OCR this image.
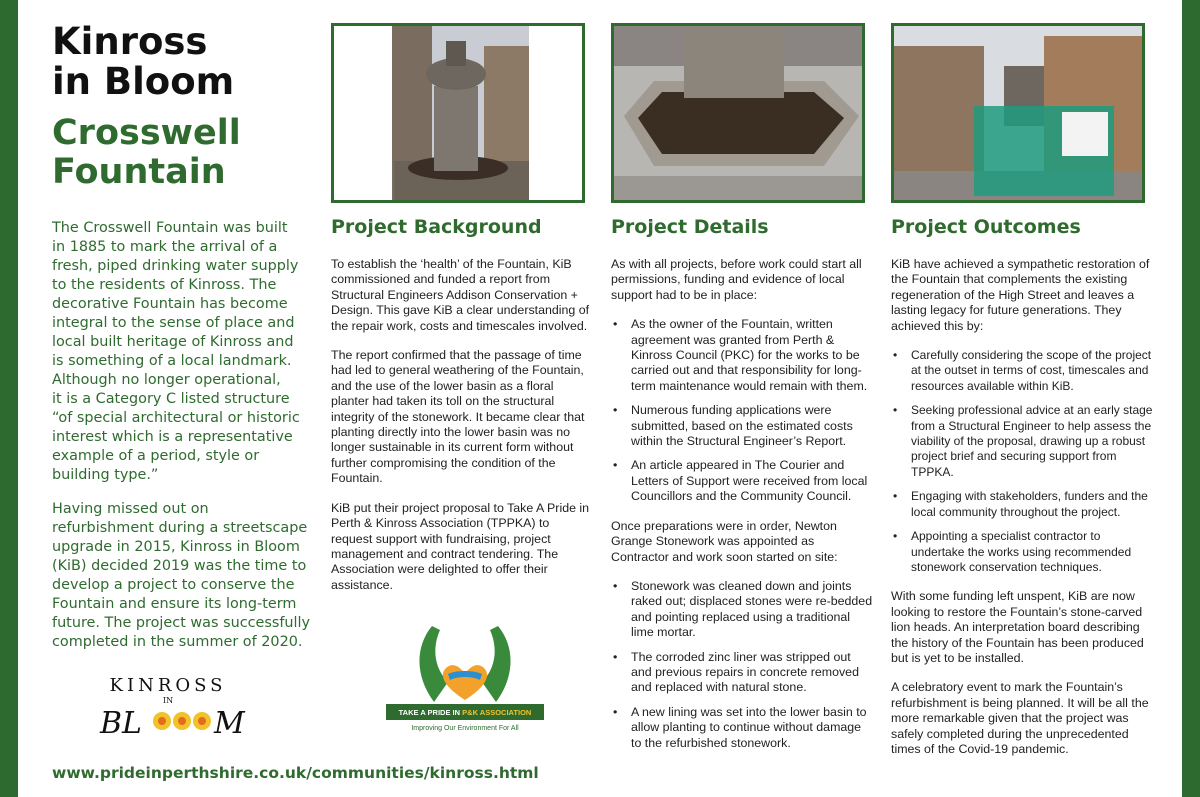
Kinross
in Bloom
Crosswell
Fountain
The Crosswell Fountain was built
in 1885 to mark the arrival of a
fresh, piped drinking water supply
to the residents of Kinross. The
decorative Fountain has become
integral to the sense of place and
local built heritage of Kinross and
is something of a local landmark.
Although no longer operational,
it is a Category C listed structure
“of special architectural or historic
interest which is a representative
example of a period, style or
building type.”
Having missed out on
refurbishment during a streetscape
upgrade in 2015, Kinross in Bloom
(KiB) decided 2019 was the time to
develop a project to conserve the
Fountain and ensure its long-term
future. The project was successfully
completed in the summer of 2020.
KINROSS
IN
BL M
www.prideinperthshire.co.uk/communities/kinross.html
Project Background

To establish the ‘health’ of the Fountain, KiB commissioned and funded a report from Structural Engineers Addison Conservation + Design. This gave KiB a clear understanding of the repair work, costs and timescales involved.

The report confirmed that the passage of time had led to general weathering of the Fountain, and the use of the lower basin as a floral planter had taken its toll on the structural integrity of the stonework. It became clear that planting directly into the lower basin was no longer sustainable in its current form without further compromising the condition of the Fountain.

KiB put their project proposal to Take A Pride in Perth & Kinross Association (TPPKA) to request support with fundraising, project management and contract tendering. The Association were delighted to offer their assistance.

TAKE A PRIDE IN P&K ASSOCIATION
Improving Our Environment For All
Project Details

As with all projects, before work could start all permissions, funding and evidence of local support had to be in place:

• As the owner of the Fountain, written agreement was granted from Perth & Kinross Council (PKC) for the works to be carried out and that responsibility for long-term maintenance would remain with them.
• Numerous funding applications were submitted, based on the estimated costs within the Structural Engineer’s Report.
• An article appeared in The Courier and Letters of Support were received from local Councillors and the Community Council.

Once preparations were in order, Newton Grange Stonework was appointed as Contractor and work soon started on site:

• Stonework was cleaned down and joints raked out; displaced stones were re-bedded and pointing replaced using a traditional lime mortar.
• The corroded zinc liner was stripped out and previous repairs in concrete removed and replaced with natural stone.
• A new lining was set into the lower basin to allow planting to continue without damage to the refurbished stonework.
Project Outcomes

KiB have achieved a sympathetic restoration of the Fountain that complements the existing regeneration of the High Street and leaves a lasting legacy for future generations. They achieved this by:

• Carefully considering the scope of the project at the outset in terms of cost, timescales and resources available within KiB.
• Seeking professional advice at an early stage from a Structural Engineer to help assess the viability of the proposal, drawing up a robust project brief and securing support from TPPKA.
• Engaging with stakeholders, funders and the local community throughout the project.
• Appointing a specialist contractor to undertake the works using recommended stonework conservation techniques.

With some funding left unspent, KiB are now looking to restore the Fountain’s stone-carved lion heads. An interpretation board describing the history of the Fountain has been produced but is yet to be installed.

A celebratory event to mark the Fountain’s refurbishment is being planned. It will be all the more remarkable given that the project was safely completed during the unprecedented times of the Covid-19 pandemic.
